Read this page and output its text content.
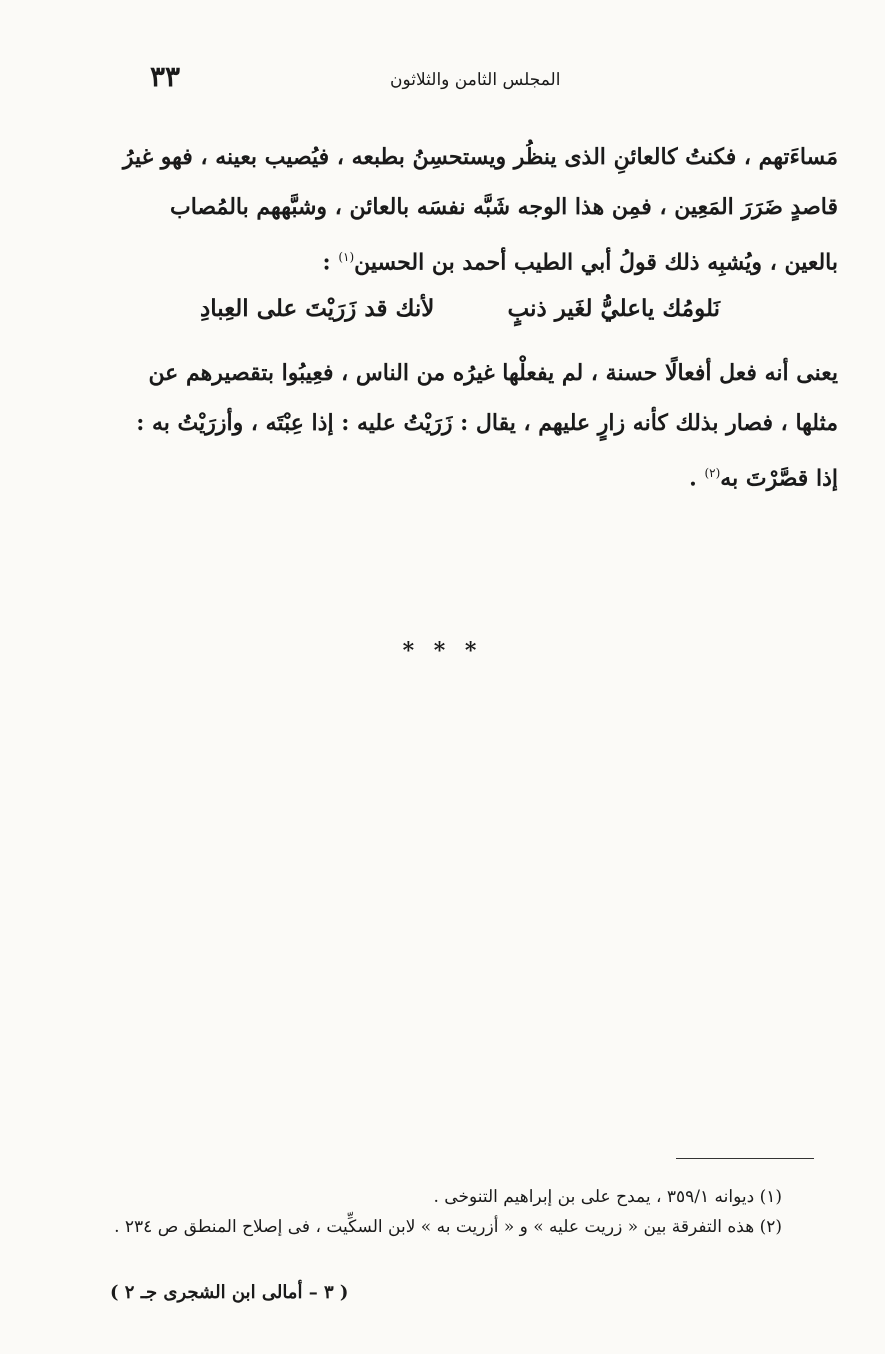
٣٣	المجلس الثامن والثلاثون

مَساءَتهم ، فكنتُ كالعائنِ الذى ينظُر ويستحسِنُ بطبعه ، فيُصيب بعينه ، فهو غيرُ

قاصدٍ ضَرَرَ المَعِين ، فمِن هذا الوجه شَبَّه نفسَه بالعائن ، وشبَّههم بالمُصاب

بالعين ، ويُشبِه ذلك قولُ أبي الطيب أحمد بن الحسين$^{(١)}$ :

نَلومُك ياعليُّ لغَير ذنبٍ
لأنك قد زَرَيْتَ على العِبادِ

يعنى أنه فعل أفعالًا حسنة ، لم يفعلْها غيرُه من الناس ، فعِيبُوا بتقصيرهم عن

مثلها ، فصار بذلك كأنه زارٍ عليهم ، يقال : زَرَيْتُ عليه : إذا عِبْتَه ، وأزرَيْتُ به :

إذا قصَّرْتَ به$^{(٢)}$ .

* * *
(١) ديوانه ٣٥٩/١ ، يمدح على بن إبراهيم التنوخى .
(٢) هذه التفرقة بين « زريت عليه » و « أزريت به » لابن السكِّيت ، فى إصلاح المنطق ص ٢٣٤ .
( ٣ – أمالى ابن الشجرى جـ ٢ )
